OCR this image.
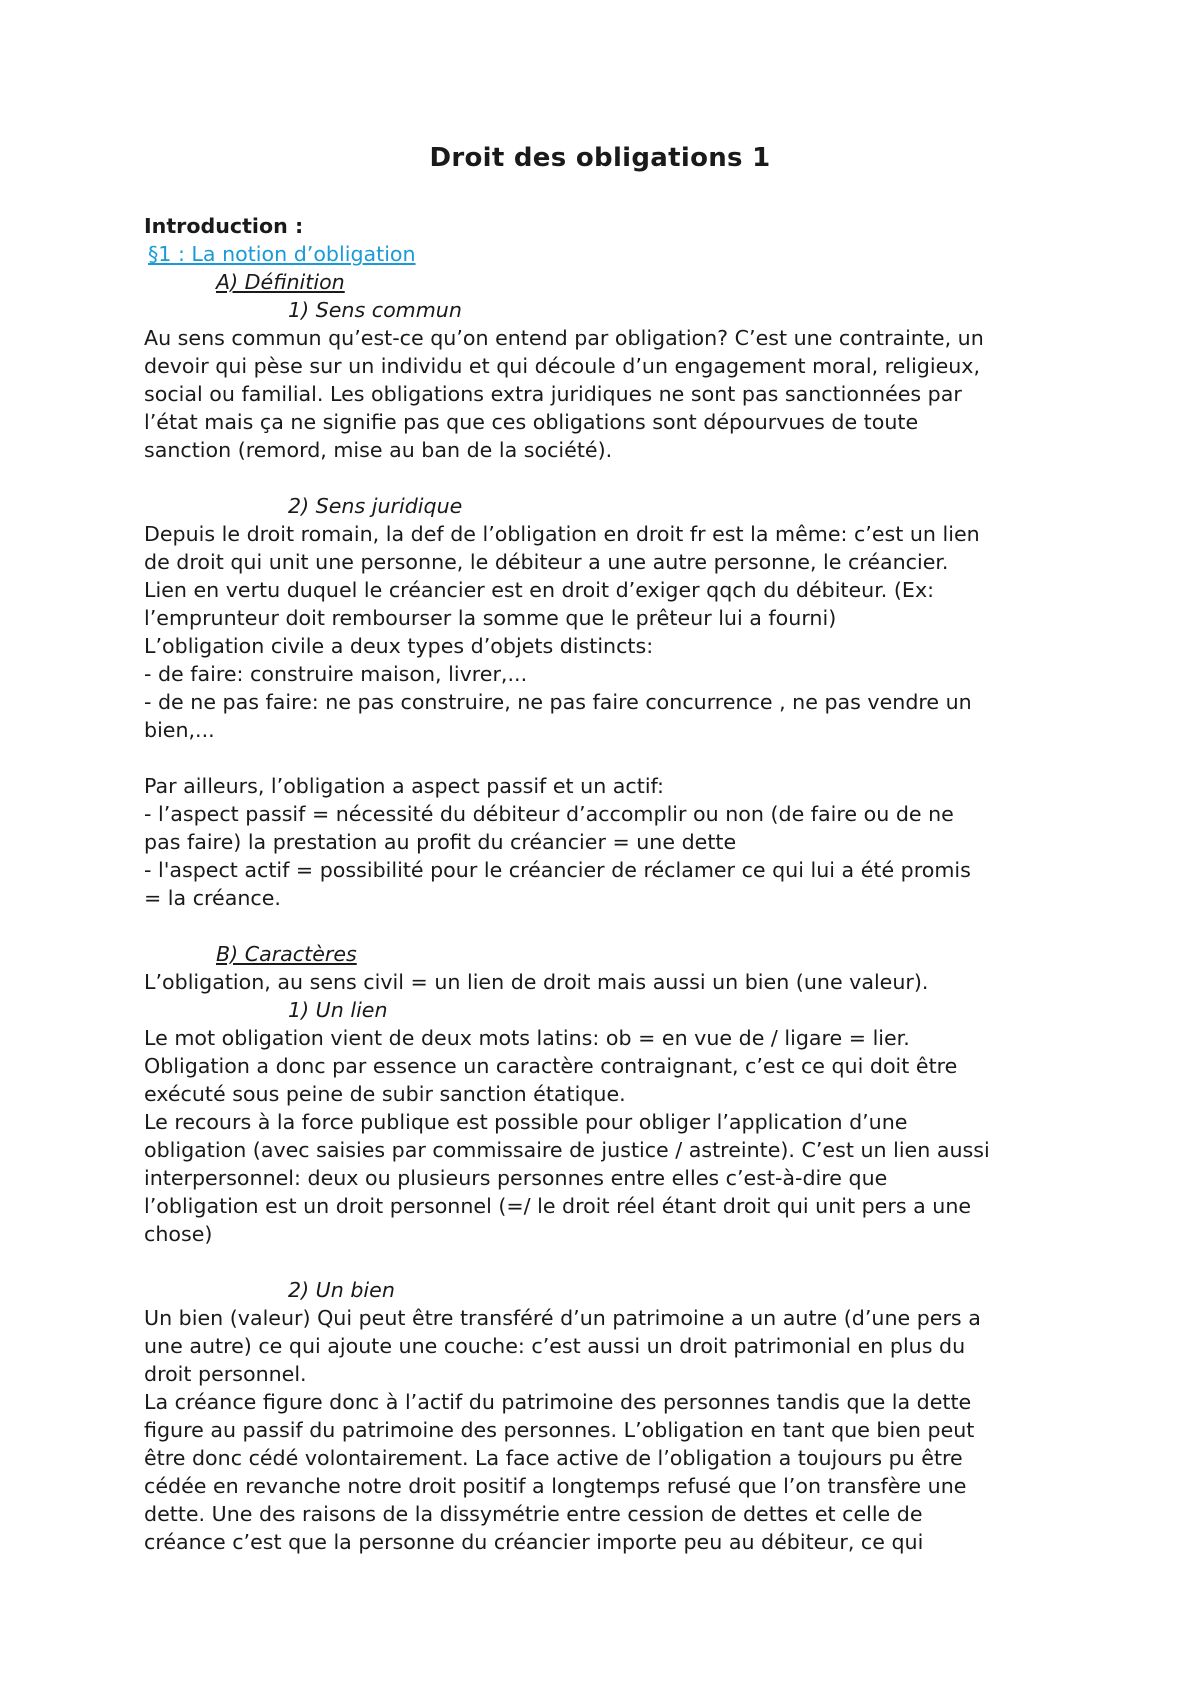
Droit des obligations 1
Introduction :
§1 : La notion d’obligation
A) Définition
1) Sens commun
Au sens commun qu’est-ce qu’on entend par obligation? C’est une contrainte, un
devoir qui pèse sur un individu et qui découle d’un engagement moral, religieux,
social ou familial. Les obligations extra juridiques ne sont pas sanctionnées par
l’état mais ça ne signifie pas que ces obligations sont dépourvues de toute
sanction (remord, mise au ban de la société).
2) Sens juridique
Depuis le droit romain, la def de l’obligation en droit fr est la même: c’est un lien
de droit qui unit une personne, le débiteur a une autre personne, le créancier.
Lien en vertu duquel le créancier est en droit d’exiger qqch du débiteur. (Ex:
l’emprunteur doit rembourser la somme que le prêteur lui a fourni)
L’obligation civile a deux types d’objets distincts:
- de faire: construire maison, livrer,...
- de ne pas faire: ne pas construire, ne pas faire concurrence , ne pas vendre un
bien,...
Par ailleurs, l’obligation a aspect passif et un actif:
- l’aspect passif = nécessité du débiteur d’accomplir ou non (de faire ou de ne
pas faire) la prestation au profit du créancier = une dette
- l'aspect actif = possibilité pour le créancier de réclamer ce qui lui a été promis
= la créance.
B) Caractères
L’obligation, au sens civil = un lien de droit mais aussi un bien (une valeur).
1) Un lien
Le mot obligation vient de deux mots latins: ob = en vue de / ligare = lier.
Obligation a donc par essence un caractère contraignant, c’est ce qui doit être
exécuté sous peine de subir sanction étatique.
Le recours à la force publique est possible pour obliger l’application d’une
obligation (avec saisies par commissaire de justice / astreinte). C’est un lien aussi
interpersonnel: deux ou plusieurs personnes entre elles c’est-à-dire que
l’obligation est un droit personnel (=/ le droit réel étant droit qui unit pers a une
chose)
2) Un bien
Un bien (valeur) Qui peut être transféré d’un patrimoine a un autre (d’une pers a
une autre) ce qui ajoute une couche: c’est aussi un droit patrimonial en plus du
droit personnel.
La créance figure donc à l’actif du patrimoine des personnes tandis que la dette
figure au passif du patrimoine des personnes. L’obligation en tant que bien peut
être donc cédé volontairement. La face active de l’obligation a toujours pu être
cédée en revanche notre droit positif a longtemps refusé que l’on transfère une
dette. Une des raisons de la dissymétrie entre cession de dettes et celle de
créance c’est que la personne du créancier importe peu au débiteur, ce qui
